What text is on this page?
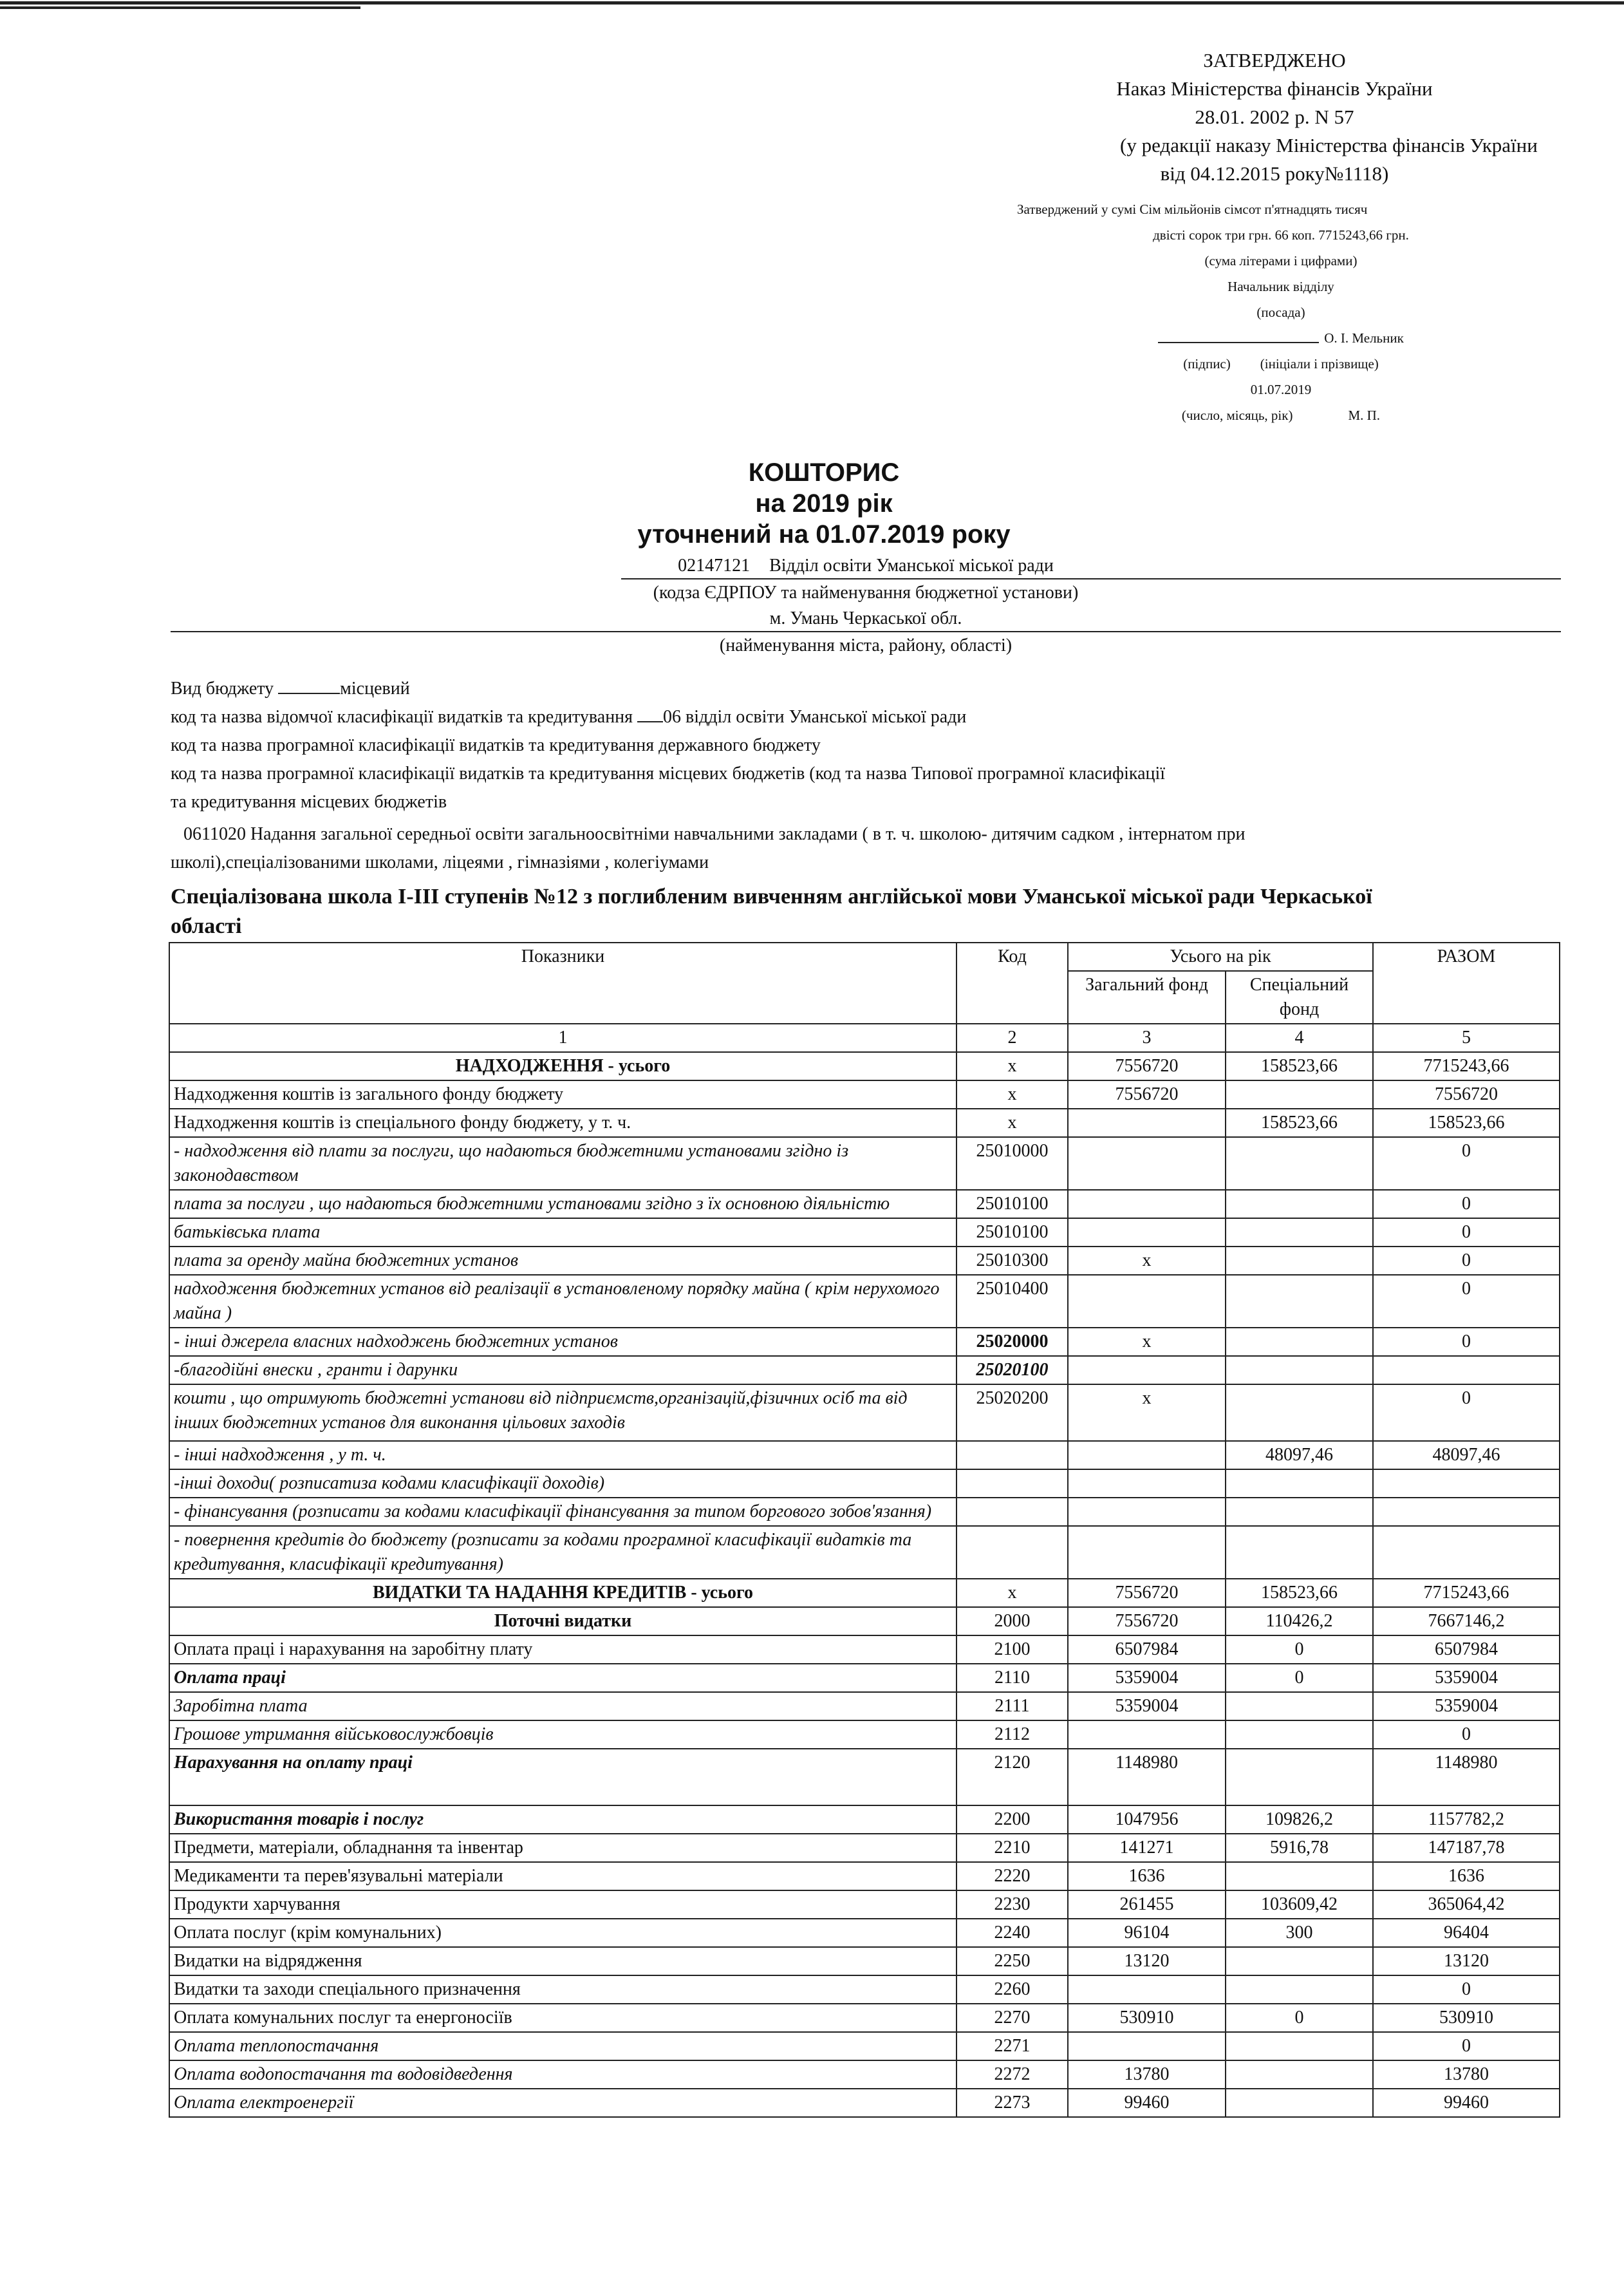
ЗАТВЕРДЖЕНО
Наказ Міністерства фінансів України
28.01. 2002 р. N 57
(у редакції наказу Міністерства фінансів України
від 04.12.2015 року№1118)
Затверджений у сумі Сім мільйонів сімсот п'ятнадцять тисяч
двісті сорок три грн. 66 коп. 7715243,66 грн.
(сума літерами і цифрами)
Начальник відділу
(посада)
О. І. Мельник
(підпис) (ініціали і прізвище)
01.07.2019
(число, місяць, рік)	М. П.
КОШТОРИС
на 2019 рік
уточнений на 01.07.2019 року
02147121 Відділ освіти Уманської міської ради
(кодза ЄДРПОУ та найменування бюджетної установи)
м. Умань Черкаської обл.
(найменування міста, району, області)
Вид бюджету	місцевий
код та назва відомчої класифікації видатків та кредитування 06 відділ освіти Уманської міської ради
код та назва програмної класифікації видатків та кредитування державного бюджету
код та назва програмної класифікації видатків та кредитування місцевих бюджетів (код та назва Типової програмної класифікації
та кредитування місцевих бюджетів
0611020 Надання загальної середньої освіти загальноосвітніми навчальними закладами ( в т. ч. школою- дитячим садком , інтернатом при
школі),спеціалізованими школами, ліцеями , гімназіями , колегіумами
Спеціалізована школа І-ІІІ ступенів №12 з поглибленим вивченням англійської мови Уманської міської ради Черкаської
області
Показники	Код	Усього на рік		РАЗОМ
		Загальний фонд	Спеціальний фонд	
1	2	3	4	5
НАДХОДЖЕННЯ - усього	х	7556720	158523,66	7715243,66
Надходження коштів із загального фонду бюджету	х	7556720		7556720
Надходження коштів із спеціального фонду бюджету, у т. ч.	х		158523,66	158523,66
- надходження від плати за послуги, що надаються бюджетними установами згідно із законодавством	25010000			0
плата за послуги , що надаються бюджетними установами згідно з їх основною діяльністю	25010100			0
батьківська плата	25010100			0
плата за оренду майна бюджетних установ	25010300	х		0
надходження бюджетних установ від реалізації в установленому порядку майна ( крім нерухомого майна )	25010400			0
- інші джерела власних надходжень бюджетних установ	25020000	х		0
-благодійні внески , гранти і дарунки	25020100			
кошти , що отримують бюджетні установи від підприємств,організацій,фізичних осіб та від інших бюджетних установ для виконання цільових заходів	25020200	х		0
- інші надходження , у т. ч.			48097,46	48097,46
-інші доходи( розписатиза кодами класифікації доходів)				
- фінансування (розписати за кодами класифікації фінансування за типом боргового зобов'язання)				
- повернення кредитів до бюджету (розписати за кодами програмної класифікації видатків та кредитування, класифікації кредитування)				
ВИДАТКИ ТА НАДАННЯ КРЕДИТІВ - усього	х	7556720	158523,66	7715243,66
Поточні видатки	2000	7556720	110426,2	7667146,2
Оплата праці і нарахування на заробітну плату	2100	6507984	0	6507984
Оплата праці	2110	5359004	0	5359004
Заробітна плата	2111	5359004		5359004
Грошове утримання військовослужбовців	2112			0
Нарахування на оплату праці	2120	1148980		1148980
Використання товарів і послуг	2200	1047956	109826,2	1157782,2
Предмети, матеріали, обладнання та інвентар	2210	141271	5916,78	147187,78
Медикаменти та перев'язувальні матеріали	2220	1636		1636
Продукти харчування	2230	261455	103609,42	365064,42
Оплата послуг (крім комунальних)	2240	96104	300	96404
Видатки на відрядження	2250	13120		13120
Видатки та заходи спеціального призначення	2260			0
Оплата комунальних послуг та енергоносіїв	2270	530910	0	530910
Оплата теплопостачання	2271			0
Оплата водопостачання та водовідведення	2272	13780		13780
Оплата електроенергії	2273	99460		99460
